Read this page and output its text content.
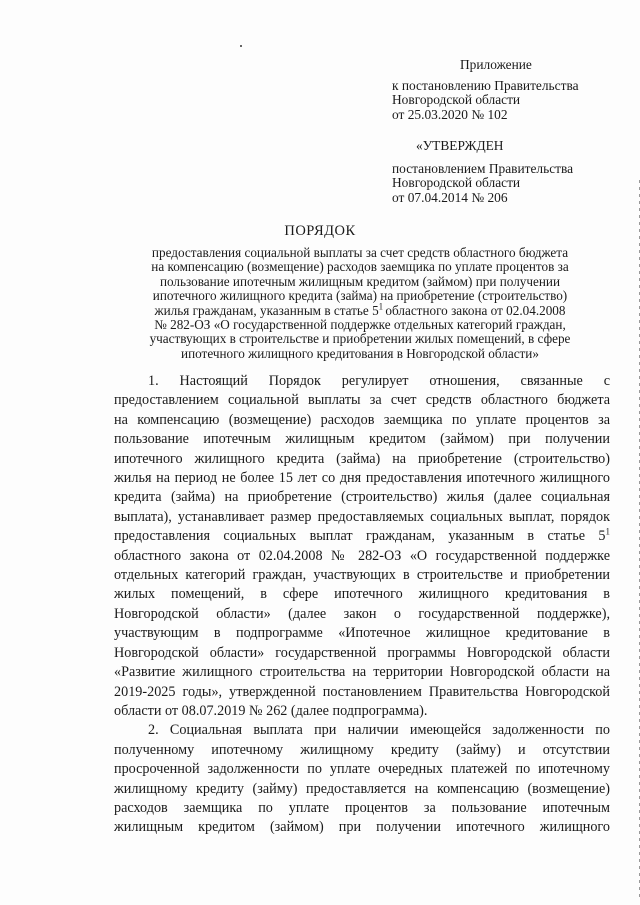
Приложение
к постановлению Правительства
Новгородской области
от 25.03.2020 № 102
«УТВЕРЖДЕН
постановлением Правительства
Новгородской области
от 07.04.2014 № 206
ПОРЯДОК
предоставления социальной выплаты за счет средств областного бюджета
на компенсацию (возмещение) расходов заемщика по уплате процентов за
пользование ипотечным жилищным кредитом (займом) при получении
ипотечного жилищного кредита (займа) на приобретение (строительство)
жилья гражданам, указанным в статье $5^1$ областного закона от 02.04.2008
№ 282-ОЗ «О государственной поддержке отдельных категорий граждан,
участвующих в строительстве и приобретении жилых помещений, в сфере
ипотечного жилищного кредитования в Новгородской области»
1. Настоящий Порядок регулирует отношения, связанные с
предоставлением социальной выплаты за счет средств областного бюджета
на компенсацию (возмещение) расходов заемщика по уплате процентов за
пользование ипотечным жилищным кредитом (займом) при получении
ипотечного жилищного кредита (займа) на приобретение (строительство)
жилья на период не более 15 лет со дня предоставления ипотечного жилищного
кредита (займа) на приобретение (строительство) жилья (далее социальная
выплата), устанавливает размер предоставляемых социальных выплат, порядок
предоставления социальных выплат гражданам, указанным в статье $5^1$
областного закона от 02.04.2008 № 282-ОЗ «О государственной поддержке
отдельных категорий граждан, участвующих в строительстве и приобретении
жилых помещений, в сфере ипотечного жилищного кредитования в
Новгородской области» (далее закон о государственной поддержке),
участвующим в подпрограмме «Ипотечное жилищное кредитование в
Новгородской области» государственной программы Новгородской области
«Развитие жилищного строительства на территории Новгородской области на
2019-2025 годы», утвержденной постановлением Правительства Новгородской
области от 08.07.2019 № 262 (далее подпрограмма).
2. Социальная выплата при наличии имеющейся задолженности по
полученному ипотечному жилищному кредиту (займу) и отсутствии
просроченной задолженности по уплате очередных платежей по ипотечному
жилищному кредиту (займу) предоставляется на компенсацию (возмещение)
расходов заемщика по уплате процентов за пользование ипотечным
жилищным кредитом (займом) при получении ипотечного жилищного
